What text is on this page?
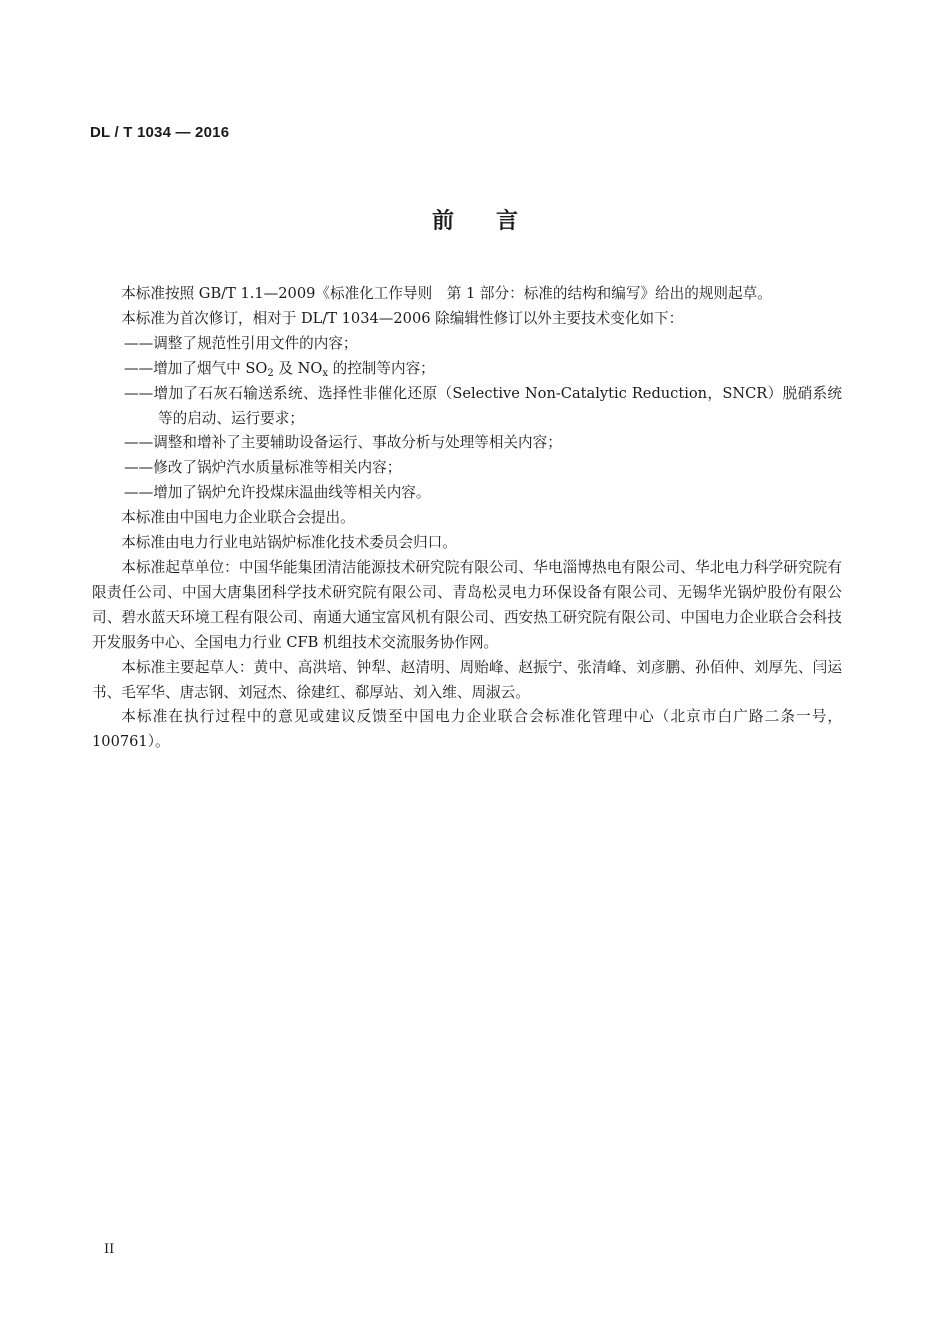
DL / T 1034 — 2016

前言

本标准按照 GB/T 1.1—2009《标准化工作导则　第 1 部分：标准的结构和编写》给出的规则起草。

本标准为首次修订，相对于 DL/T 1034—2006 除编辑性修订以外主要技术变化如下：

——调整了规范性引用文件的内容；

——增加了烟气中 $SO_2$ 及 $NO_x$ 的控制等内容；

——增加了石灰石输送系统、选择性非催化还原（Selective Non-Catalytic Reduction，SNCR）脱硝系统等的启动、运行要求；

——调整和增补了主要辅助设备运行、事故分析与处理等相关内容；

——修改了锅炉汽水质量标准等相关内容；

——增加了锅炉允许投煤床温曲线等相关内容。

本标准由中国电力企业联合会提出。

本标准由电力行业电站锅炉标准化技术委员会归口。

本标准起草单位：中国华能集团清洁能源技术研究院有限公司、华电淄博热电有限公司、华北电力科学研究院有限责任公司、中国大唐集团科学技术研究院有限公司、青岛松灵电力环保设备有限公司、无锡华光锅炉股份有限公司、碧水蓝天环境工程有限公司、南通大通宝富风机有限公司、西安热工研究院有限公司、中国电力企业联合会科技开发服务中心、全国电力行业 CFB 机组技术交流服务协作网。

本标准主要起草人：黄中、高洪培、钟犁、赵清明、周贻峰、赵振宁、张清峰、刘彦鹏、孙佰仲、刘厚先、闫运书、毛军华、唐志钢、刘冠杰、徐建红、郗厚站、刘入维、周淑云。

本标准在执行过程中的意见或建议反馈至中国电力企业联合会标准化管理中心（北京市白广路二条一号，100761）。

II
